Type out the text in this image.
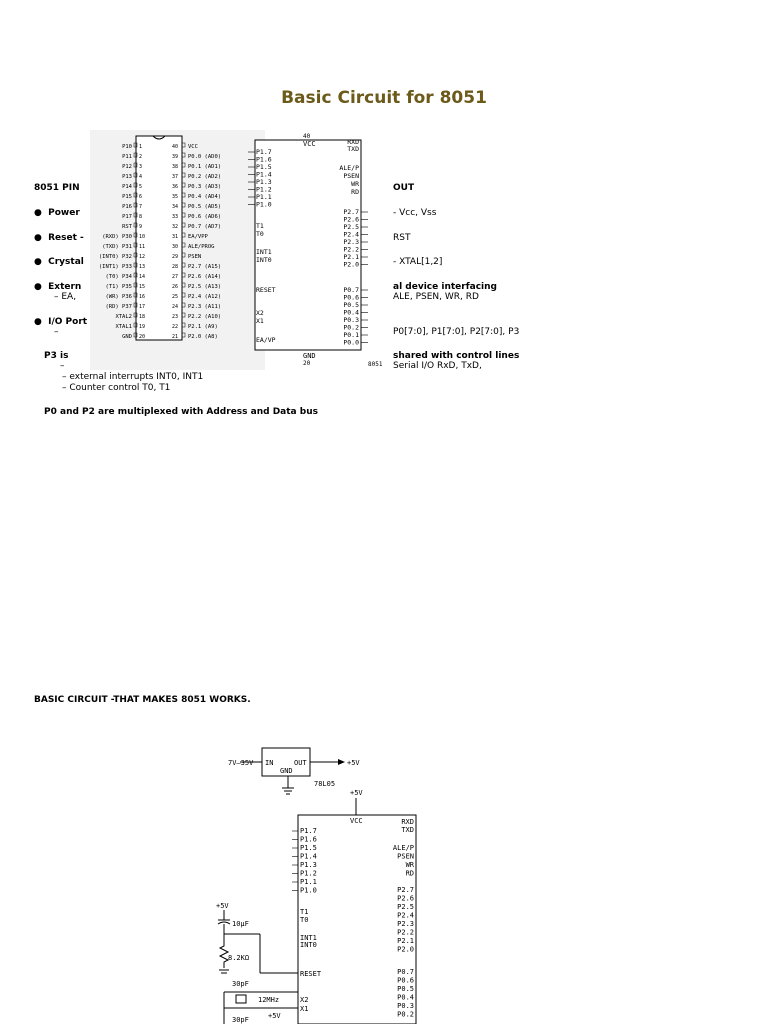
Basic Circuit for 8051
P10 1
P11 2
P12 3
P13 4
P14 5
P15 6
P16 7
P17 8
RST 9
(RXD) P30 10
(TXD) P31 11
(INT0) P32 12
(INT1) P33 13
(T0) P34 14
(T1) P35 15
(WR) P36 16
(RD) P37 17
XTAL2 18
XTAL1 19
GND 20
40 VCC
39 P0.0 (AD0)
38 P0.1 (AD1)
37 P0.2 (AD2)
36 P0.3 (AD3)
35 P0.4 (AD4)
34 P0.5 (AD5)
33 P0.6 (AD6)
32 P0.7 (AD7)
31 EA/VPP
30 ALE/PROG
29 PSEN
28 P2.7 (A15)
27 P2.6 (A14)
26 P2.5 (A13)
25 P2.4 (A12)
24 P2.3 (A11)
23 P2.2 (A10)
22 P2.1 (A9)
21 P2.0 (A8)
40
VCC
GND
20	8051
P1.7
P1.6
P1.5
P1.4
P1.3
P1.2
P1.1
P1.0
T1
T0
INT1
INT0
RESET
X2
X1
EA/VP
RXD
TXD
ALE/P
PSEN
WR
RD
P2.7
P2.6
P2.5
P2.4
P2.3
P2.2
P2.1
P2.0
P0.7
P0.6
P0.5
P0.4
P0.3
P0.2
P0.1
P0.0
8051 PIN	OUT
●  Power	- Vcc, Vss
●  Reset -	RST
●  Crystal	- XTAL[1,2]
●  Extern	al device interfacing
– EA,	ALE, PSEN, WR, RD
●  I/O Port
–	P0[7:0], P1[7:0], P2[7:0], P3
P3 is	shared with control lines
–	Serial I/O RxD, TxD,
– external interrupts INT0, INT1
– Counter control T0, T1
P0 and P2 are multiplexed with Address and Data bus
BASIC CIRCUIT -THAT MAKES 8051 WORKS.
7V–35V IN	OUT
GND
+5V
78L05
+5V
VCC
P1.7
P1.6
P1.5
P1.4
P1.3
P1.2
P1.1
P1.0
T1
T0
INT1
INT0
RESET
X2
X1
RXD
TXD
ALE/P
PSEN
WR
RD
P2.7
P2.6
P2.5
P2.4
P2.3
P2.2
P2.1
P2.0
P0.7
P0.6
P0.5
P0.4
P0.3
P0.2
+5V
10µF
8.2KΩ
30pF
30pF
12MHz
+5V
